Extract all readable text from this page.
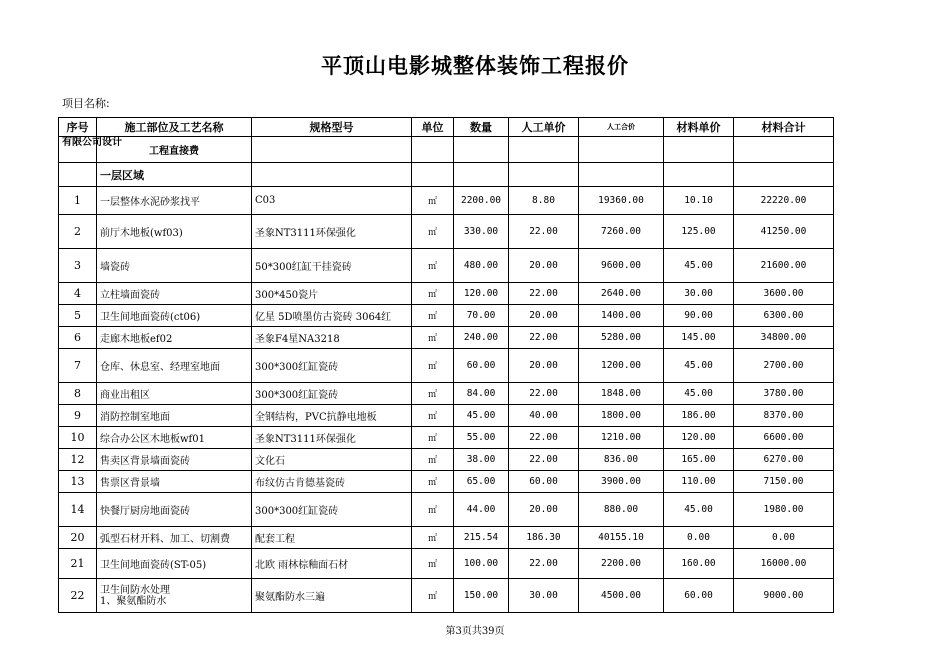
平顶山电影城整体装饰工程报价
项目名称:
序号	施工部位及工艺名称	规格型号	单位	数量	人工单价	人工合价	材料单价	材料合计
有限公司设计	工程直接费							
	一层区域							
1	一层整体水泥砂浆找平	C03	㎡	2200.00	8.80	19360.00	10.10	22220.00
2	前厅木地板(wf03)	圣象NT3111环保强化	㎡	330.00	22.00	7260.00	125.00	41250.00
3	墙瓷砖	50*300红缸干挂瓷砖	㎡	480.00	20.00	9600.00	45.00	21600.00
4	立柱墙面瓷砖	300*450瓷片	㎡	120.00	22.00	2640.00	30.00	3600.00
5	卫生间地面瓷砖(ct06)	亿星 5D喷墨仿古瓷砖 3064红	㎡	70.00	20.00	1400.00	90.00	6300.00
6	走廊木地板ef02	圣象F4星NA3218	㎡	240.00	22.00	5280.00	145.00	34800.00
7	仓库、休息室、经理室地面	300*300红缸瓷砖	㎡	60.00	20.00	1200.00	45.00	2700.00
8	商业出租区	300*300红缸瓷砖	㎡	84.00	22.00	1848.00	45.00	3780.00
9	消防控制室地面	全钢结构，PVC抗静电地板	㎡	45.00	40.00	1800.00	186.00	8370.00
10	综合办公区木地板wf01	圣象NT3111环保强化	㎡	55.00	22.00	1210.00	120.00	6600.00
12	售卖区背景墙面瓷砖	文化石	㎡	38.00	22.00	836.00	165.00	6270.00
13	售票区背景墙	布纹仿古肯德基瓷砖	㎡	65.00	60.00	3900.00	110.00	7150.00
14	快餐厅厨房地面瓷砖	300*300红缸瓷砖	㎡	44.00	20.00	880.00	45.00	1980.00
20	弧型石材开料、加工、切割费	配套工程	㎡	215.54	186.30	40155.10	0.00	0.00
21	卫生间地面瓷砖(ST-05)	北欧 雨林棕釉面石材	㎡	100.00	22.00	2200.00	160.00	16000.00
22	卫生间防水处理
1、聚氨酯防水	聚氨酯防水三遍	㎡	150.00	30.00	4500.00	60.00	9000.00
第3页共39页
